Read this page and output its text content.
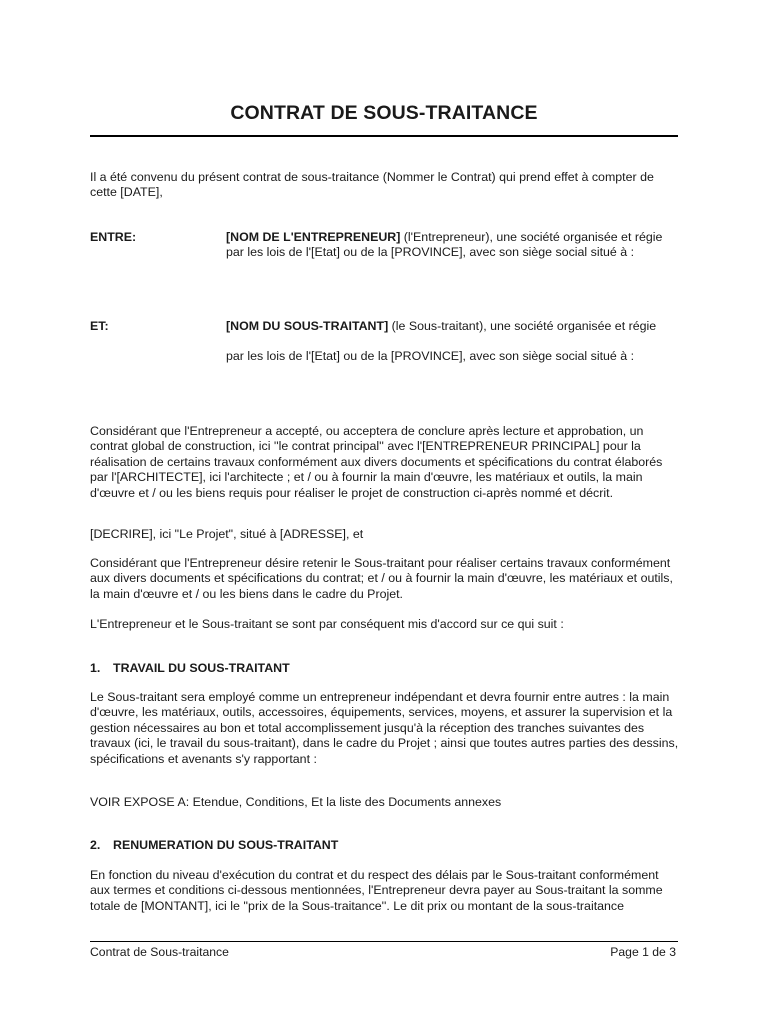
CONTRAT DE SOUS-TRAITANCE

Il a été convenu du présent contrat de sous-traitance (Nommer le Contrat) qui prend effet à compter de cette [DATE],

ENTRE:	[NOM DE L'ENTREPRENEUR] (l'Entrepreneur), une société organisée et régie
par les lois de l'[Etat] ou de la [PROVINCE], avec son siège social situé à :

ET:	[NOM DU SOUS-TRAITANT] (le Sous-traitant), une société organisée et régie

par les lois de l'[Etat] ou de la [PROVINCE], avec son siège social situé à :

Considérant que l'Entrepreneur a accepté, ou acceptera de conclure après lecture et approbation, un contrat global de construction, ici ''le contrat principal'' avec l'[ENTREPRENEUR PRINCIPAL] pour la réalisation de certains travaux conformément aux divers documents et spécifications du contrat élaborés par l'[ARCHITECTE], ici l'architecte ; et / ou à fournir la main d'œuvre, les matériaux et outils, la main d'œuvre et / ou les biens requis pour réaliser le projet de construction ci-après nommé et décrit.

[DECRIRE], ici "Le Projet", situé à [ADRESSE], et

Considérant que l'Entrepreneur désire retenir le Sous-traitant pour réaliser certains travaux conformément aux divers documents et spécifications du contrat; et / ou à fournir la main d'œuvre, les matériaux et outils, la main d'œuvre et / ou les biens dans le cadre du Projet.

L'Entrepreneur et le Sous-traitant se sont par conséquent mis d'accord sur ce qui suit :

1. TRAVAIL DU SOUS-TRAITANT

Le Sous-traitant sera employé comme un entrepreneur indépendant et devra fournir entre autres : la main d'œuvre, les matériaux, outils, accessoires, équipements, services, moyens, et assurer la supervision et la gestion nécessaires au bon et total accomplissement jusqu'à la réception des tranches suivantes des travaux (ici, le travail du sous-traitant), dans le cadre du Projet ; ainsi que toutes autres parties des dessins, spécifications et avenants s'y rapportant :

VOIR EXPOSE A: Etendue, Conditions, Et la liste des Documents annexes

2. RENUMERATION DU SOUS-TRAITANT

En fonction du niveau d'exécution du contrat et du respect des délais par le Sous-traitant conformément aux termes et conditions ci-dessous mentionnées, l'Entrepreneur devra payer au Sous-traitant la somme totale de [MONTANT], ici le ''prix de la Sous-traitance''. Le dit prix ou montant de la sous-traitance

Contrat de Sous-traitance	Page 1 de 3
